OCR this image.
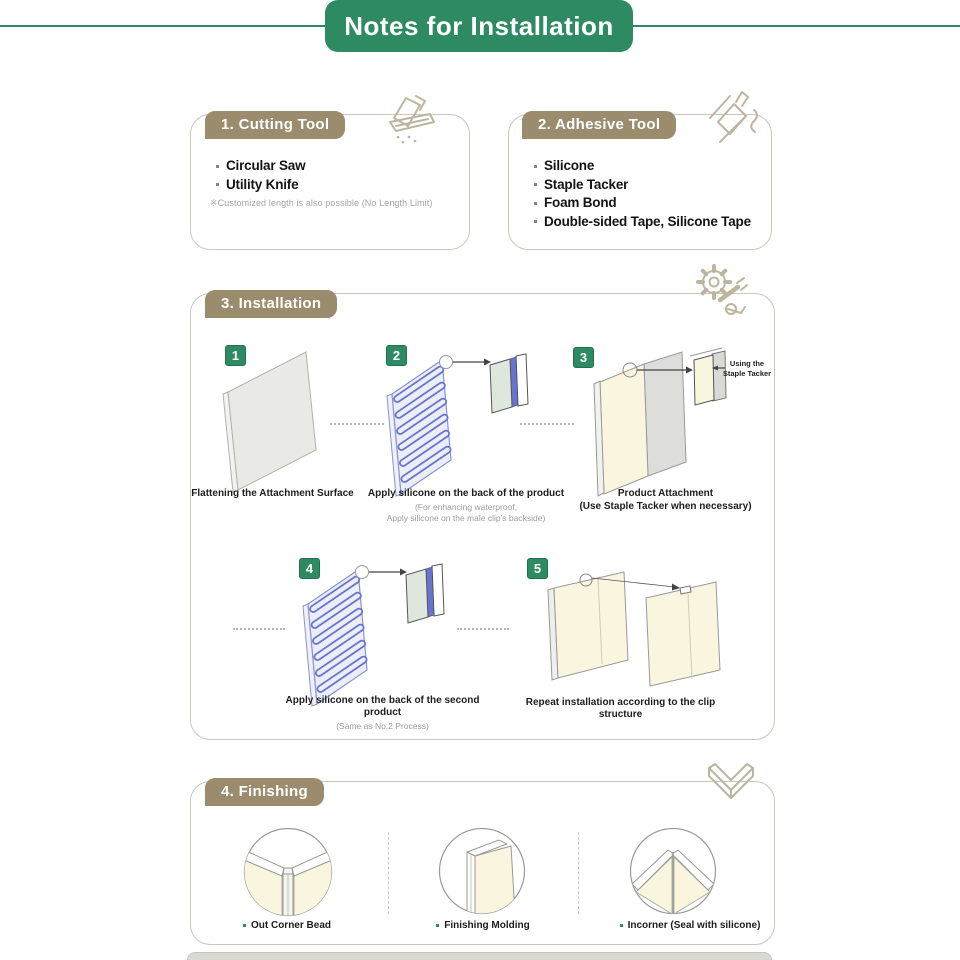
Notes for Installation
1. Cutting Tool
Circular Saw
Utility Knife
※Customized length is also possible (No Length Limit)
2. Adhesive Tool
Silicone
Staple Tacker
Foam Bond
Double-sided Tape, Silicone Tape
3. Installation
1
Flattening the Attachment Surface
2
Apply silicone on the back of the product
(For enhancing waterproof,
Apply silicone on the male clip’s backside)
3	Using the
Staple Tacker
Product Attachment
(Use Staple Tacker when necessary)
4
Apply silicone on the back of the second product
(Same as No.2 Process)
5
Repeat installation according to the clip structure
4. Finishing
Out Corner Bead	Finishing Molding	Incorner (Seal with silicone)
